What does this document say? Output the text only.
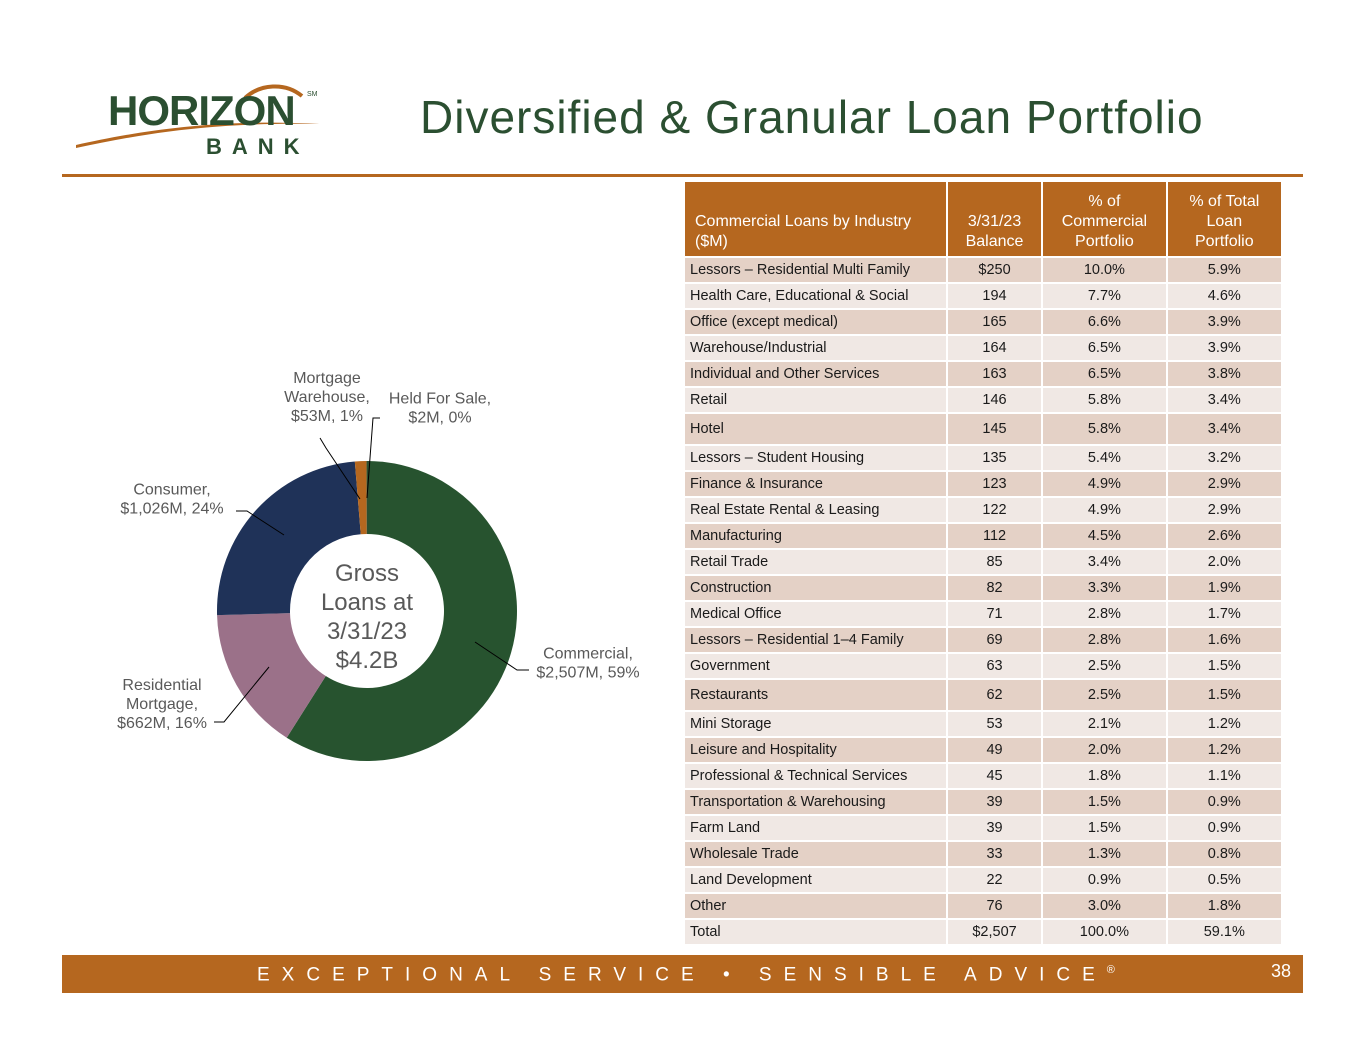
HORIZON SM
BANK
Diversified & Granular Loan Portfolio
Commercial, $2,507M, 59%
Residential Mortgage, $662M, 16%
Consumer, $1,026M, 24%
Mortgage Warehouse, $53M, 1%
Held For Sale, $2M, 0%
Gross Loans at 3/31/23 $4.2B
Commercial Loans by Industry ($M)	3/31/23 Balance	% of Commercial Portfolio	% of Total Loan Portfolio
Lessors – Residential Multi Family	$250	10.0%	5.9%
Health Care, Educational & Social	194	7.7%	4.6%
Office (except medical)	165	6.6%	3.9%
Warehouse/Industrial	164	6.5%	3.9%
Individual and Other Services	163	6.5%	3.8%
Retail	146	5.8%	3.4%
Hotel	145	5.8%	3.4%
Lessors – Student Housing	135	5.4%	3.2%
Finance & Insurance	123	4.9%	2.9%
Real Estate Rental & Leasing	122	4.9%	2.9%
Manufacturing	112	4.5%	2.6%
Retail Trade	85	3.4%	2.0%
Construction	82	3.3%	1.9%
Medical Office	71	2.8%	1.7%
Lessors – Residential 1–4 Family	69	2.8%	1.6%
Government	63	2.5%	1.5%
Restaurants	62	2.5%	1.5%
Mini Storage	53	2.1%	1.2%
Leisure and Hospitality	49	2.0%	1.2%
Professional & Technical Services	45	1.8%	1.1%
Transportation & Warehousing	39	1.5%	0.9%
Farm Land	39	1.5%	0.9%
Wholesale Trade	33	1.3%	0.8%
Land Development	22	0.9%	0.5%
Other	76	3.0%	1.8%
Total	$2,507	100.0%	59.1%
EXCEPTIONAL SERVICE • SENSIBLE ADVICE®	38
